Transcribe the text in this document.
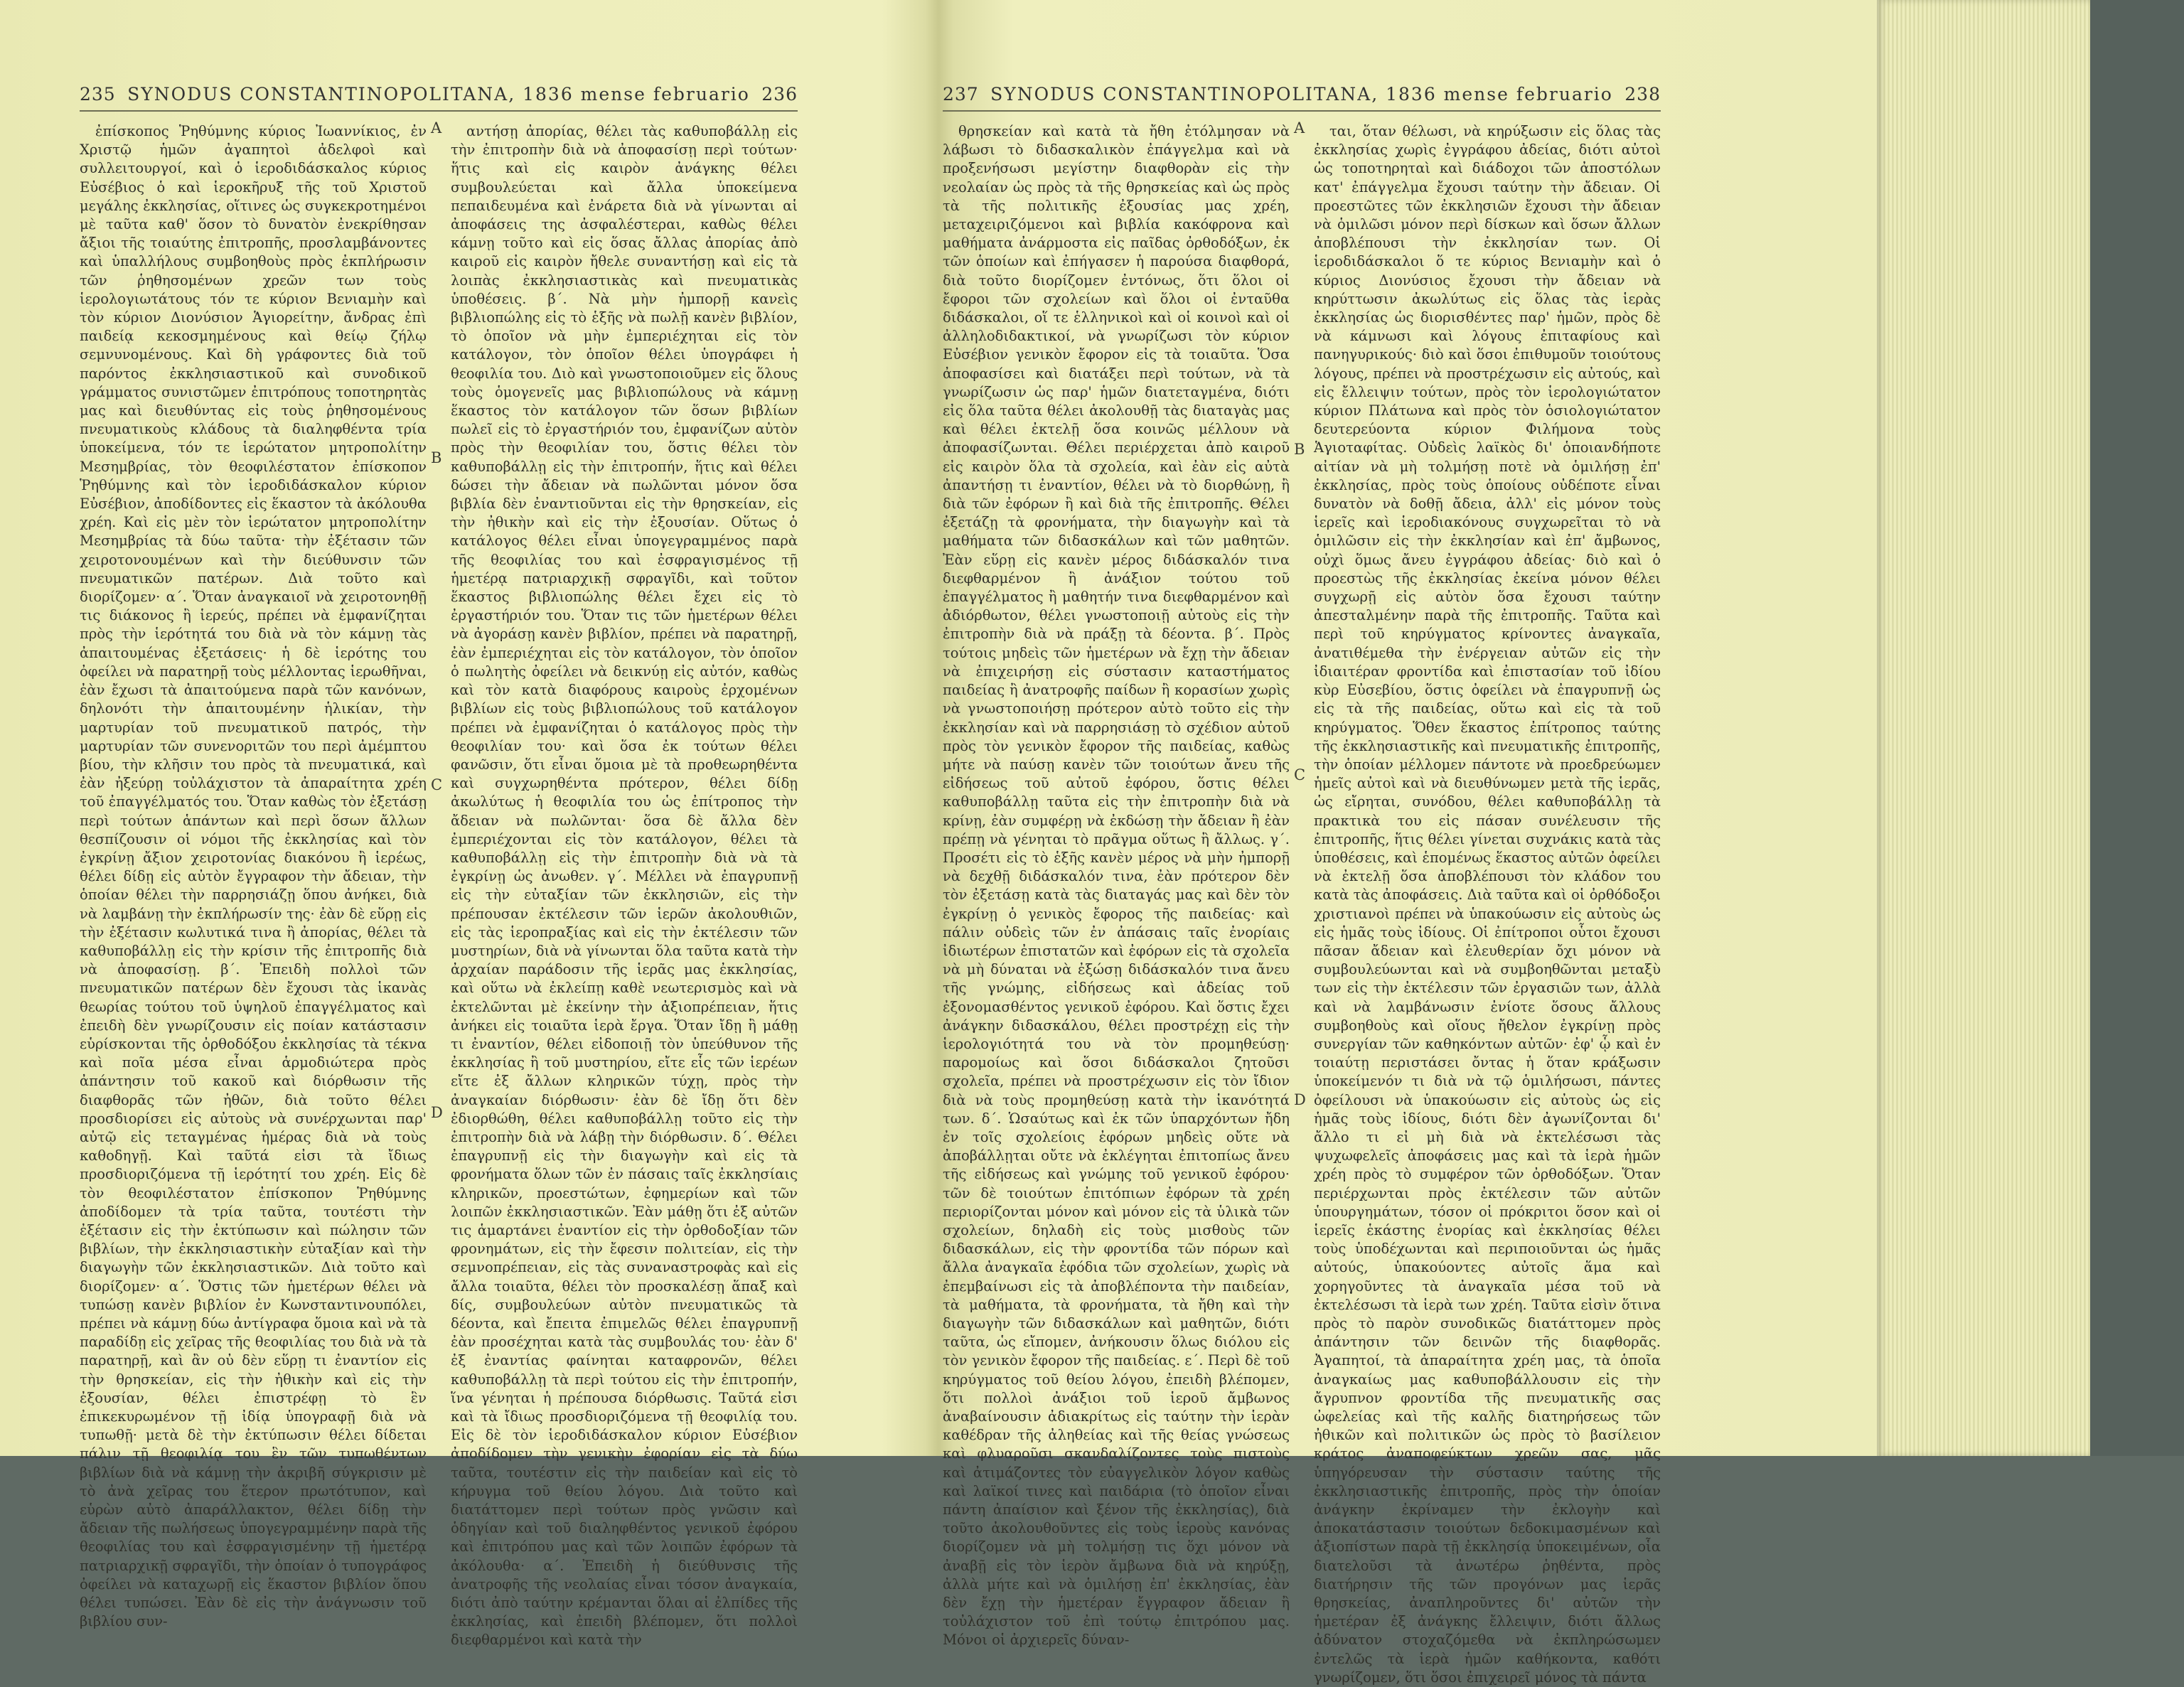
235 SYNODUS CONSTANTINOPOLITANA, 1836 mense februario 236

ἐπίσκοπος Ῥηθύμνης κύριος Ἰωαννίκιος, ἐν Χριστῷ ἡμῶν ἀγαπητοὶ ἀδελφοὶ καὶ συλλειτουργοί, καὶ ὁ ἱεροδιδάσκαλος κύριος Εὐσέβιος ὁ καὶ ἱεροκῆρυξ τῆς τοῦ Χριστοῦ μεγάλης ἐκκλησίας, οἵτινες ὡς συγκεκροτημένοι μὲ ταῦτα καθ' ὅσον τὸ δυνατὸν ἐνεκρίθησαν ἄξιοι τῆς τοιαύτης ἐπιτροπῆς, προσλαμβάνοντες καὶ ὑπαλλήλους συμβοηθοὺς πρὸς ἐκπλήρωσιν τῶν ῥηθησομένων χρεῶν των τοὺς ἱερολογιωτάτους τόν τε κύριον Βενιαμὴν καὶ τὸν κύριον Διονύσιον Ἁγιορείτην, ἄνδρας ἐπὶ παιδείᾳ κεκοσμημένους καὶ θείῳ ζήλῳ σεμνυνομένους. Καὶ δὴ γράφοντες διὰ τοῦ παρόντος ἐκκλησιαστικοῦ καὶ συνοδικοῦ γράμματος συνιστῶμεν ἐπιτρόπους τοποτηρητὰς μας καὶ διευθύντας εἰς τοὺς ῥηθησομένους πνευματικοὺς κλάδους τὰ διαληφθέντα τρία ὑποκείμενα, τόν τε ἱερώτατον μητροπολίτην Μεσημβρίας, τὸν θεοφιλέστατον ἐπίσκοπον Ῥηθύμνης καὶ τὸν ἱεροδιδάσκαλον κύριον Εὐσέβιον, ἀποδίδοντες εἰς ἕκαστον τὰ ἀκόλουθα χρέη. Καὶ εἰς μὲν τὸν ἱερώτατον μητροπολίτην Μεσημβρίας τὰ δύω ταῦτα· τὴν ἐξέτασιν τῶν χειροτονουμένων καὶ τὴν διεύθυνσιν τῶν πνευματικῶν πατέρων. Διὰ τοῦτο καὶ διορίζομεν· α΄. Ὅταν ἀναγκαιοῖ νὰ χειροτονηθῇ τις διάκονος ἢ ἱερεύς, πρέπει νὰ ἐμφανίζηται πρὸς τὴν ἱερότητά του διὰ νὰ τὸν κάμνῃ τὰς ἀπαιτουμένας ἐξετάσεις· ἡ δὲ ἱερότης του ὀφείλει νὰ παρατηρῇ τοὺς μέλλοντας ἱερωθῆναι, ἐὰν ἔχωσι τὰ ἀπαιτούμενα παρὰ τῶν κανόνων, δηλονότι τὴν ἀπαιτουμένην ἡλικίαν, τὴν μαρτυρίαν τοῦ πνευματικοῦ πατρός, τὴν μαρτυρίαν τῶν συνενοριτῶν του περὶ ἀμέμπτου βίου, τὴν κλῆσιν του πρὸς τὰ πνευματικά, καὶ ἐὰν ἠξεύρῃ τοὐλάχιστον τὰ ἀπαραίτητα χρέη τοῦ ἐπαγγέλματός του. Ὅταν καθὼς τὸν ἐξετάσῃ περὶ τούτων ἁπάντων καὶ περὶ ὅσων ἄλλων θεσπίζουσιν οἱ νόμοι τῆς ἐκκλησίας καὶ τὸν ἐγκρίνῃ ἄξιον χειροτονίας διακόνου ἢ ἱερέως, θέλει δίδῃ εἰς αὐτὸν ἔγγραφον τὴν ἄδειαν, τὴν ὁποίαν θέλει τὴν παρρησιάζῃ ὅπου ἀνήκει, διὰ νὰ λαμβάνῃ τὴν ἐκπλήρωσίν της· ἐὰν δὲ εὕρῃ εἰς τὴν ἐξέτασιν κωλυτικά τινα ἢ ἀπορίας, θέλει τὰ καθυποβάλλῃ εἰς τὴν κρίσιν τῆς ἐπιτροπῆς διὰ νὰ ἀποφασίσῃ. β΄. Ἐπειδὴ πολλοὶ τῶν πνευματικῶν πατέρων δὲν ἔχουσι τὰς ἱκανὰς θεωρίας τούτου τοῦ ὑψηλοῦ ἐπαγγέλματος καὶ ἐπειδὴ δὲν γνωρίζουσιν εἰς ποίαν κατάστασιν εὑρίσκονται τῆς ὀρθοδόξου ἐκκλησίας τὰ τέκνα καὶ ποῖα μέσα εἶναι ἁρμοδιώτερα πρὸς ἀπάντησιν τοῦ κακοῦ καὶ διόρθωσιν τῆς διαφθορᾶς τῶν ἠθῶν, διὰ τοῦτο θέλει προσδιορίσει εἰς αὐτοὺς νὰ συνέρχωνται παρ' αὐτῷ εἰς τεταγμένας ἡμέρας διὰ νὰ τοὺς καθοδηγῇ. Καὶ ταῦτά εἰσι τὰ ἴδιως προσδιοριζόμενα τῇ ἱερότητί του χρέη. Εἰς δὲ τὸν θεοφιλέστατον ἐπίσκοπον Ῥηθύμνης ἀποδίδομεν τὰ τρία ταῦτα, τουτέστι τὴν ἐξέτασιν εἰς τὴν ἐκτύπωσιν καὶ πώλησιν τῶν βιβλίων, τὴν ἐκκλησιαστικὴν εὐταξίαν καὶ τὴν διαγωγὴν τῶν ἐκκλησιαστικῶν. Διὰ τοῦτο καὶ διορίζομεν· α΄. Ὅστις τῶν ἡμετέρων θέλει νὰ τυπώσῃ κανὲν βιβλίον ἐν Κωνσταντινουπόλει, πρέπει νὰ κάμνῃ δύω ἀντίγραφα ὅμοια καὶ νὰ τὰ παραδίδῃ εἰς χεῖρας τῆς θεοφιλίας του διὰ νὰ τὰ παρατηρῇ, καὶ ἂν οὐ δὲν εὕρῃ τι ἐναντίον εἰς τὴν θρησκείαν, εἰς τὴν ἠθικὴν καὶ εἰς τὴν ἐξουσίαν, θέλει ἐπιστρέφῃ τὸ ἓν ἐπικεκυρωμένον τῇ ἰδίᾳ ὑπογραφῇ διὰ νὰ τυπωθῇ· μετὰ δὲ τὴν ἐκτύπωσιν θέλει δίδεται πάλιν τῇ θεοφιλίᾳ του ἓν τῶν τυπωθέντων βιβλίων διὰ νὰ κάμνῃ τὴν ἀκριβῆ σύγκρισιν μὲ τὸ ἀνὰ χεῖρας του ἕτερον πρωτότυπον, καὶ εὑρὼν αὐτὸ ἀπαράλλακτον, θέλει δίδῃ τὴν ἄδειαν τῆς πωλήσεως ὑπογεγραμμένην παρὰ τῆς θεοφιλίας του καὶ ἐσφραγισμένην τῇ ἡμετέρᾳ πατριαρχικῇ σφραγῖδι, τὴν ὁποίαν ὁ τυπογράφος ὀφείλει νὰ καταχωρῇ εἰς ἕκαστον βιβλίον ὅπου θέλει τυπώσει. Ἐὰν δὲ εἰς τὴν ἀνάγνωσιν τοῦ βιβλίου συν-

αντήσῃ ἀπορίας, θέλει τὰς καθυποβάλλῃ εἰς τὴν ἐπιτροπὴν διὰ νὰ ἀποφασίσῃ περὶ τούτων· ἥτις καὶ εἰς καιρὸν ἀνάγκης θέλει συμβουλεύεται καὶ ἄλλα ὑποκείμενα πεπαιδευμένα καὶ ἐνάρετα διὰ νὰ γίνωνται αἱ ἀποφάσεις της ἀσφαλέστεραι, καθὼς θέλει κάμνῃ τοῦτο καὶ εἰς ὅσας ἄλλας ἀπορίας ἀπὸ καιροῦ εἰς καιρὸν ἤθελε συναντήσῃ καὶ εἰς τὰ λοιπὰς ἐκκλησιαστικὰς καὶ πνευματικὰς ὑποθέσεις. β΄. Νὰ μὴν ἠμπορῇ κανεὶς βιβλιοπώλης εἰς τὸ ἑξῆς νὰ πωλῇ κανὲν βιβλίον, τὸ ὁποῖον νὰ μὴν ἐμπεριέχηται εἰς τὸν κατάλογον, τὸν ὁποῖον θέλει ὑπογράφει ἡ θεοφιλία του. Διὸ καὶ γνωστοποιοῦμεν εἰς ὅλους τοὺς ὁμογενεῖς μας βιβλιοπώλους νὰ κάμνῃ ἕκαστος τὸν κατάλογον τῶν ὅσων βιβλίων πωλεῖ εἰς τὸ ἐργαστήριόν του, ἐμφανίζων αὐτὸν πρὸς τὴν θεοφιλίαν του, ὅστις θέλει τὸν καθυποβάλλῃ εἰς τὴν ἐπιτροπήν, ἥτις καὶ θέλει δώσει τὴν ἄδειαν νὰ πωλῶνται μόνον ὅσα βιβλία δὲν ἐναντιοῦνται εἰς τὴν θρησκείαν, εἰς τὴν ἠθικὴν καὶ εἰς τὴν ἐξουσίαν. Οὕτως ὁ κατάλογος θέλει εἶναι ὑπογεγραμμένος παρὰ τῆς θεοφιλίας του καὶ ἐσφραγισμένος τῇ ἡμετέρᾳ πατριαρχικῇ σφραγῖδι, καὶ τοῦτον ἕκαστος βιβλιοπώλης θέλει ἔχει εἰς τὸ ἐργαστήριόν του. Ὅταν τις τῶν ἡμετέρων θέλει νὰ ἀγοράσῃ κανὲν βιβλίον, πρέπει νὰ παρατηρῇ, ἐὰν ἐμπεριέχηται εἰς τὸν κατάλογον, τὸν ὁποῖον ὁ πωλητὴς ὀφείλει νὰ δεικνύῃ εἰς αὐτόν, καθὼς καὶ τὸν κατὰ διαφόρους καιροὺς ἐρχομένων βιβλίων εἰς τοὺς βιβλιοπώλους τοῦ κατάλογον πρέπει νὰ ἐμφανίζηται ὁ κατάλογος πρὸς τὴν θεοφιλίαν του· καὶ ὅσα ἐκ τούτων θέλει φανῶσιν, ὅτι εἶναι ὅμοια μὲ τὰ προθεωρηθέντα καὶ συγχωρηθέντα πρότερον, θέλει δίδῃ ἀκωλύτως ἡ θεοφιλία του ὡς ἐπίτροπος τὴν ἄδειαν νὰ πωλῶνται· ὅσα δὲ ἄλλα δὲν ἐμπεριέχονται εἰς τὸν κατάλογον, θέλει τὰ καθυποβάλλῃ εἰς τὴν ἐπιτροπὴν διὰ νὰ τὰ ἐγκρίνῃ ὡς ἀνωθεν. γ΄. Μέλλει νὰ ἐπαγρυπνῇ εἰς τὴν εὐταξίαν τῶν ἐκκλησιῶν, εἰς τὴν πρέπουσαν ἐκτέλεσιν τῶν ἱερῶν ἀκολουθιῶν, εἰς τὰς ἱεροπραξίας καὶ εἰς τὴν ἐκτέλεσιν τῶν μυστηρίων, διὰ νὰ γίνωνται ὅλα ταῦτα κατὰ τὴν ἀρχαίαν παράδοσιν τῆς ἱερᾶς μας ἐκκλησίας, καὶ οὕτω νὰ ἐκλείπῃ καθὲ νεωτερισμὸς καὶ νὰ ἐκτελῶνται μὲ ἐκείνην τὴν ἀξιοπρέπειαν, ἥτις ἀνήκει εἰς τοιαῦτα ἱερὰ ἔργα. Ὅταν ἴδῃ ἢ μάθῃ τι ἐναντίον, θέλει εἰδοποιῇ τὸν ὑπεύθυνον τῆς ἐκκλησίας ἢ τοῦ μυστηρίου, εἴτε εἷς τῶν ἱερέων εἴτε ἐξ ἄλλων κληρικῶν τύχῃ, πρὸς τὴν ἀναγκαίαν διόρθωσιν· ἐὰν δὲ ἴδῃ ὅτι δὲν ἐδιορθώθη, θέλει καθυποβάλλῃ τοῦτο εἰς τὴν ἐπιτροπὴν διὰ νὰ λάβῃ τὴν διόρθωσιν. δ΄. Θέλει ἐπαγρυπνῇ εἰς τὴν διαγωγὴν καὶ εἰς τὰ φρονήματα ὅλων τῶν ἐν πάσαις ταῖς ἐκκλησίαις κληρικῶν, προεστώτων, ἐφημερίων καὶ τῶν λοιπῶν ἐκκλησιαστικῶν. Ἐὰν μάθῃ ὅτι ἐξ αὐτῶν τις ἁμαρτάνει ἐναντίον εἰς τὴν ὀρθοδοξίαν τῶν φρονημάτων, εἰς τὴν ἔφεσιν πολιτείαν, εἰς τὴν σεμνοπρέπειαν, εἰς τὰς συναναστροφὰς καὶ εἰς ἄλλα τοιαῦτα, θέλει τὸν προσκαλέσῃ ἅπαξ καὶ δίς, συμβουλεύων αὐτὸν πνευματικῶς τὰ δέοντα, καὶ ἔπειτα ἐπιμελῶς θέλει ἐπαγρυπνῇ ἐὰν προσέχηται κατὰ τὰς συμβουλάς του· ἐὰν δ' ἐξ ἐναντίας φαίνηται καταφρονῶν, θέλει καθυποβάλλῃ τὰ περὶ τούτου εἰς τὴν ἐπιτροπήν, ἵνα γένηται ἡ πρέπουσα διόρθωσις. Ταῦτά εἰσι καὶ τὰ ἴδιως προσδιοριζόμενα τῇ θεοφιλίᾳ του. Εἰς δὲ τὸν ἱεροδιδάσκαλον κύριον Εὐσέβιον ἀποδίδομεν τὴν γενικὴν ἐφορίαν εἰς τὰ δύω ταῦτα, τουτέστιν εἰς τὴν παιδείαν καὶ εἰς τὸ κήρυγμα τοῦ θείου λόγου. Διὰ τοῦτο καὶ διατάττομεν περὶ τούτων πρὸς γνῶσιν καὶ ὁδηγίαν καὶ τοῦ διαληφθέντος γενικοῦ ἐφόρου καὶ ἐπιτρόπου μας καὶ τῶν λοιπῶν ἐφόρων τὰ ἀκόλουθα· α΄. Ἐπειδὴ ἡ διεύθυνσις τῆς ἀνατροφῆς τῆς νεολαίας εἶναι τόσον ἀναγκαία, διότι ἀπὸ ταύτην κρέμανται ὅλαι αἱ ἐλπίδες τῆς ἐκκλησίας, καὶ ἐπειδὴ βλέπομεν, ὅτι πολλοὶ διεφθαρμένοι καὶ κατὰ τὴν

A
B
C
D
237 SYNODUS CONSTANTINOPOLITANA, 1836 mense februario 238

θρησκείαν καὶ κατὰ τὰ ἤθη ἐτόλμησαν νὰ λάβωσι τὸ διδασκαλικὸν ἐπάγγελμα καὶ νὰ προξενήσωσι μεγίστην διαφθορὰν εἰς τὴν νεολαίαν ὡς πρὸς τὰ τῆς θρησκείας καὶ ὡς πρὸς τὰ τῆς πολιτικῆς ἐξουσίας μας χρέη, μεταχειριζόμενοι καὶ βιβλία κακόφρονα καὶ μαθήματα ἀνάρμοστα εἰς παῖδας ὀρθοδόξων, ἐκ τῶν ὁποίων καὶ ἐπήγασεν ἡ παρούσα διαφθορά, διὰ τοῦτο διορίζομεν ἐντόνως, ὅτι ὅλοι οἱ ἔφοροι τῶν σχολείων καὶ ὅλοι οἱ ἐνταῦθα διδάσκαλοι, οἵ τε ἑλληνικοὶ καὶ οἱ κοινοὶ καὶ οἱ ἀλληλοδιδακτικοί, νὰ γνωρίζωσι τὸν κύριον Εὐσέβιον γενικὸν ἔφορον εἰς τὰ τοιαῦτα. Ὅσα ἀποφασίσει καὶ διατάξει περὶ τούτων, νὰ τὰ γνωρίζωσιν ὡς παρ' ἡμῶν διατεταγμένα, διότι εἰς ὅλα ταῦτα θέλει ἀκολουθῇ τὰς διαταγὰς μας καὶ θέλει ἐκτελῇ ὅσα κοινῶς μέλλουν νὰ ἀποφασίζωνται. Θέλει περιέρχεται ἀπὸ καιροῦ εἰς καιρὸν ὅλα τὰ σχολεία, καὶ ἐὰν εἰς αὐτὰ ἀπαντήσῃ τι ἐναντίον, θέλει νὰ τὸ διορθώνῃ, ἢ διὰ τῶν ἐφόρων ἢ καὶ διὰ τῆς ἐπιτροπῆς. Θέλει ἐξετάζῃ τὰ φρονήματα, τὴν διαγωγὴν καὶ τὰ μαθήματα τῶν διδασκάλων καὶ τῶν μαθητῶν. Ἐὰν εὕρῃ εἰς κανὲν μέρος διδάσκαλόν τινα διεφθαρμένον ἢ ἀνάξιον τούτου τοῦ ἐπαγγέλματος ἢ μαθητήν τινα διεφθαρμένον καὶ ἀδιόρθωτον, θέλει γνωστοποιῇ αὐτοὺς εἰς τὴν ἐπιτροπὴν διὰ νὰ πράξῃ τὰ δέοντα. β΄. Πρὸς τούτοις μηδεὶς τῶν ἡμετέρων νὰ ἔχῃ τὴν ἄδειαν νὰ ἐπιχειρήσῃ εἰς σύστασιν καταστήματος παιδείας ἢ ἀνατροφῆς παίδων ἢ κορασίων χωρὶς νὰ γνωστοποιήσῃ πρότερον αὐτὸ τοῦτο εἰς τὴν ἐκκλησίαν καὶ νὰ παρρησιάσῃ τὸ σχέδιον αὐτοῦ πρὸς τὸν γενικὸν ἔφορον τῆς παιδείας, καθὼς μήτε νὰ παύσῃ κανὲν τῶν τοιούτων ἄνευ τῆς εἰδήσεως τοῦ αὐτοῦ ἐφόρου, ὅστις θέλει καθυποβάλλῃ ταῦτα εἰς τὴν ἐπιτροπὴν διὰ νὰ κρίνῃ, ἐὰν συμφέρῃ νὰ ἐκδώσῃ τὴν ἄδειαν ἢ ἐὰν πρέπῃ νὰ γένηται τὸ πρᾶγμα οὕτως ἢ ἄλλως. γ΄. Προσέτι εἰς τὸ ἑξῆς κανὲν μέρος νὰ μὴν ἠμπορῇ νὰ δεχθῇ διδάσκαλόν τινα, ἐὰν πρότερον δὲν τὸν ἐξετάσῃ κατὰ τὰς διαταγάς μας καὶ δὲν τὸν ἐγκρίνῃ ὁ γενικὸς ἔφορος τῆς παιδείας· καὶ πάλιν οὐδεὶς τῶν ἐν ἀπάσαις ταῖς ἐνορίαις ἰδιωτέρων ἐπιστατῶν καὶ ἐφόρων εἰς τὰ σχολεῖα νὰ μὴ δύναται νὰ ἐξώσῃ διδάσκαλόν τινα ἄνευ τῆς γνώμης, εἰδήσεως καὶ ἀδείας τοῦ ἐξονομασθέντος γενικοῦ ἐφόρου. Καὶ ὅστις ἔχει ἀνάγκην διδασκάλου, θέλει προστρέχῃ εἰς τὴν ἱερολογιότητά του νὰ τὸν προμηθεύσῃ· παρομοίως καὶ ὅσοι διδάσκαλοι ζητοῦσι σχολεῖα, πρέπει νὰ προστρέχωσιν εἰς τὸν ἴδιον διὰ νὰ τοὺς προμηθεύσῃ κατὰ τὴν ἱκανότητά των. δ΄. Ὡσαύτως καὶ ἐκ τῶν ὑπαρχόντων ἤδη ἐν τοῖς σχολείοις ἐφόρων μηδεὶς οὔτε νὰ ἀποβάλλῃται οὔτε νὰ ἐκλέγηται ἐπιτοπίως ἄνευ τῆς εἰδήσεως καὶ γνώμης τοῦ γενικοῦ ἐφόρου· τῶν δὲ τοιούτων ἐπιτόπιων ἐφόρων τὰ χρέη περιορίζονται μόνον καὶ μόνον εἰς τὰ ὑλικὰ τῶν σχολείων, δηλαδὴ εἰς τοὺς μισθοὺς τῶν διδασκάλων, εἰς τὴν φροντίδα τῶν πόρων καὶ ἄλλα ἀναγκαῖα ἐφόδια τῶν σχολείων, χωρὶς νὰ ἐπεμβαίνωσι εἰς τὰ ἀποβλέποντα τὴν παιδείαν, τὰ μαθήματα, τὰ φρονήματα, τὰ ἤθη καὶ τὴν διαγωγὴν τῶν διδασκάλων καὶ μαθητῶν, διότι ταῦτα, ὡς εἴπομεν, ἀνήκουσιν ὅλως διόλου εἰς τὸν γενικὸν ἔφορον τῆς παιδείας. ε΄. Περὶ δὲ τοῦ κηρύγματος τοῦ θείου λόγου, ἐπειδὴ βλέπομεν, ὅτι πολλοὶ ἀνάξιοι τοῦ ἱεροῦ ἄμβωνος ἀναβαίνουσιν ἀδιακρίτως εἰς ταύτην τὴν ἱερὰν καθέδραν τῆς ἀληθείας καὶ τῆς θείας γνώσεως καὶ φλυαροῦσι σκανδαλίζοντες τοὺς πιστοὺς καὶ ἀτιμάζοντες τὸν εὐαγγελικὸν λόγον καθὼς καὶ λαϊκοί τινες καὶ παιδάρια (τὸ ὁποῖον εἶναι πάντη ἀπαίσιον καὶ ξένον τῆς ἐκκλησίας), διὰ τοῦτο ἀκολουθοῦντες εἰς τοὺς ἱεροὺς κανόνας διορίζομεν νὰ μὴ τολμήσῃ τις ὅχι μόνον νὰ ἀναβῇ εἰς τὸν ἱερὸν ἄμβωνα διὰ νὰ κηρύξῃ, ἀλλὰ μήτε καὶ νὰ ὁμιλήσῃ ἐπ' ἐκκλησίας, ἐὰν δὲν ἔχῃ τὴν ἡμετέραν ἔγγραφον ἄδειαν ἢ τοὐλάχιστον τοῦ ἐπὶ τούτῳ ἐπιτρόπου μας. Μόνοι οἱ ἀρχιερεῖς δύναν-

ται, ὅταν θέλωσι, νὰ κηρύξωσιν εἰς ὅλας τὰς ἐκκλησίας χωρὶς ἐγγράφου ἀδείας, διότι αὐτοὶ ὡς τοποτηρηταὶ καὶ διάδοχοι τῶν ἀποστόλων κατ' ἐπάγγελμα ἔχουσι ταύτην τὴν ἄδειαν. Οἱ προεστῶτες τῶν ἐκκλησιῶν ἔχουσι τὴν ἄδειαν νὰ ὁμιλῶσι μόνον περὶ δίσκων καὶ ὅσων ἄλλων ἀποβλέπουσι τὴν ἐκκλησίαν των. Οἱ ἱεροδιδάσκαλοι ὅ τε κύριος Βενιαμὴν καὶ ὁ κύριος Διονύσιος ἔχουσι τὴν ἄδειαν νὰ κηρύττωσιν ἀκωλύτως εἰς ὅλας τὰς ἱερὰς ἐκκλησίας ὡς διορισθέντες παρ' ἡμῶν, πρὸς δὲ νὰ κάμνωσι καὶ λόγους ἐπιταφίους καὶ πανηγυρικούς· διὸ καὶ ὅσοι ἐπιθυμοῦν τοιούτους λόγους, πρέπει νὰ προστρέχωσιν εἰς αὐτούς, καὶ εἰς ἔλλειψιν τούτων, πρὸς τὸν ἱερολογιώτατον κύριον Πλάτωνα καὶ πρὸς τὸν ὁσιολογιώτατον δευτερεύοντα κύριον Φιλήμονα τοὺς Ἁγιοταφίτας. Οὐδεὶς λαϊκὸς δι' ὁποιανδήποτε αἰτίαν νὰ μὴ τολμήσῃ ποτὲ νὰ ὁμιλήσῃ ἐπ' ἐκκλησίας, πρὸς τοὺς ὁποίους οὐδέποτε εἶναι δυνατὸν νὰ δοθῇ ἄδεια, ἀλλ' εἰς μόνον τοὺς ἱερεῖς καὶ ἱεροδιακόνους συγχωρεῖται τὸ νὰ ὁμιλῶσιν εἰς τὴν ἐκκλησίαν καὶ ἐπ' ἄμβωνος, οὐχὶ ὅμως ἄνευ ἐγγράφου ἀδείας· διὸ καὶ ὁ προεστὼς τῆς ἐκκλησίας ἐκείνα μόνον θέλει συγχωρῇ εἰς αὐτὸν ὅσα ἔχουσι ταύτην ἀπεσταλμένην παρὰ τῆς ἐπιτροπῆς. Ταῦτα καὶ περὶ τοῦ κηρύγματος κρίνοντες ἀναγκαῖα, ἀνατιθέμεθα τὴν ἐνέργειαν αὐτῶν εἰς τὴν ἰδιαιτέραν φροντίδα καὶ ἐπιστασίαν τοῦ ἰδίου κὺρ Εὐσεβίου, ὅστις ὀφείλει νὰ ἐπαγρυπνῇ ὡς εἰς τὰ τῆς παιδείας, οὕτω καὶ εἰς τὰ τοῦ κηρύγματος. Ὅθεν ἕκαστος ἐπίτροπος ταύτης τῆς ἐκκλησιαστικῆς καὶ πνευματικῆς ἐπιτροπῆς, τὴν ὁποίαν μέλλομεν πάντοτε νὰ προεδρεύωμεν ἡμεῖς αὐτοὶ καὶ νὰ διευθύνωμεν μετὰ τῆς ἱερᾶς, ὡς εἴρηται, συνόδου, θέλει καθυποβάλλῃ τὰ πρακτικὰ του εἰς πάσαν συνέλευσιν τῆς ἐπιτροπῆς, ἥτις θέλει γίνεται συχνάκις κατὰ τὰς ὑποθέσεις, καὶ ἑπομένως ἕκαστος αὐτῶν ὀφείλει νὰ ἐκτελῇ ὅσα ἀποβλέπουσι τὸν κλάδον του κατὰ τὰς ἀποφάσεις. Διὰ ταῦτα καὶ οἱ ὀρθόδοξοι χριστιανοὶ πρέπει νὰ ὑπακούωσιν εἰς αὐτοὺς ὡς εἰς ἡμᾶς τοὺς ἰδίους. Οἱ ἐπίτροποι οὗτοι ἔχουσι πᾶσαν ἄδειαν καὶ ἐλευθερίαν ὄχι μόνον νὰ συμβουλεύωνται καὶ νὰ συμβοηθῶνται μεταξὺ των εἰς τὴν ἐκτέλεσιν τῶν ἐργασιῶν των, ἀλλὰ καὶ νὰ λαμβάνωσιν ἐνίοτε ὅσους ἄλλους συμβοηθοὺς καὶ οἵους ἤθελον ἐγκρίνῃ πρὸς συνεργίαν τῶν καθηκόντων αὐτῶν· ἐφ' ᾧ καὶ ἐν τοιαύτῃ περιστάσει ὄντας ἡ ὅταν κράξωσιν ὑποκείμενόν τι διὰ νὰ τῷ ὁμιλήσωσι, πάντες ὀφείλουσι νὰ ὑπακούωσιν εἰς αὐτοὺς ὡς εἰς ἡμᾶς τοὺς ἰδίους, διότι δὲν ἀγωνίζονται δι' ἄλλο τι εἰ μὴ διὰ νὰ ἐκτελέσωσι τὰς ψυχωφελεῖς ἀποφάσεις μας καὶ τὰ ἱερὰ ἡμῶν χρέη πρὸς τὸ συμφέρον τῶν ὀρθοδόξων. Ὅταν περιέρχωνται πρὸς ἐκτέλεσιν τῶν αὐτῶν ὑπουργημάτων, τόσον οἱ πρόκριτοι ὅσον καὶ οἱ ἱερεῖς ἑκάστης ἐνορίας καὶ ἐκκλησίας θέλει τοὺς ὑποδέχωνται καὶ περιποιοῦνται ὡς ἡμᾶς αὐτούς, ὑπακούοντες αὐτοῖς ἅμα καὶ χορηγοῦντες τὰ ἀναγκαῖα μέσα τοῦ νὰ ἐκτελέσωσι τὰ ἱερὰ των χρέη. Ταῦτα εἰσὶν ὅτινα πρὸς τὸ παρὸν συνοδικῶς διατάττομεν πρὸς ἀπάντησιν τῶν δεινῶν τῆς διαφθορᾶς. Ἀγαπητοί, τὰ ἀπαραίτητα χρέη μας, τὰ ὁποῖα ἀναγκαίως μας καθυποβάλλουσιν εἰς τὴν ἄγρυπνον φροντίδα τῆς πνευματικῆς σας ὠφελείας καὶ τῆς καλῆς διατηρήσεως τῶν ἠθικῶν καὶ πολιτικῶν ὡς πρὸς τὸ βασίλειον κράτος ἀναποφεύκτων χρεῶν σας, μᾶς ὑπηγόρευσαν τὴν σύστασιν ταύτης τῆς ἐκκλησιαστικῆς ἐπιτροπῆς, πρὸς τὴν ὁποίαν ἀνάγκην ἐκρίναμεν τὴν ἐκλογὴν καὶ ἀποκατάστασιν τοιούτων δεδοκιμασμένων καὶ ἀξιοπίστων παρὰ τῇ ἐκκλησίᾳ ὑποκειμένων, οἷα διατελοῦσι τὰ ἀνωτέρω ῥηθέντα, πρὸς διατήρησιν τῆς τῶν προγόνων μας ἱερᾶς θρησκείας, ἀναπληροῦντες δι' αὐτῶν τὴν ἡμετέραν ἐξ ἀνάγκης ἔλλειψιν, διότι ἄλλως ἀδύνατον στοχαζόμεθα νὰ ἐκπληρώσωμεν ἐντελῶς τὰ ἱερὰ ἡμῶν καθήκοντα, καθότι γνωρίζομεν, ὅτι ὅσοι ἐπιχειρεῖ μόνος τὰ πάντα

A
B
C
D
